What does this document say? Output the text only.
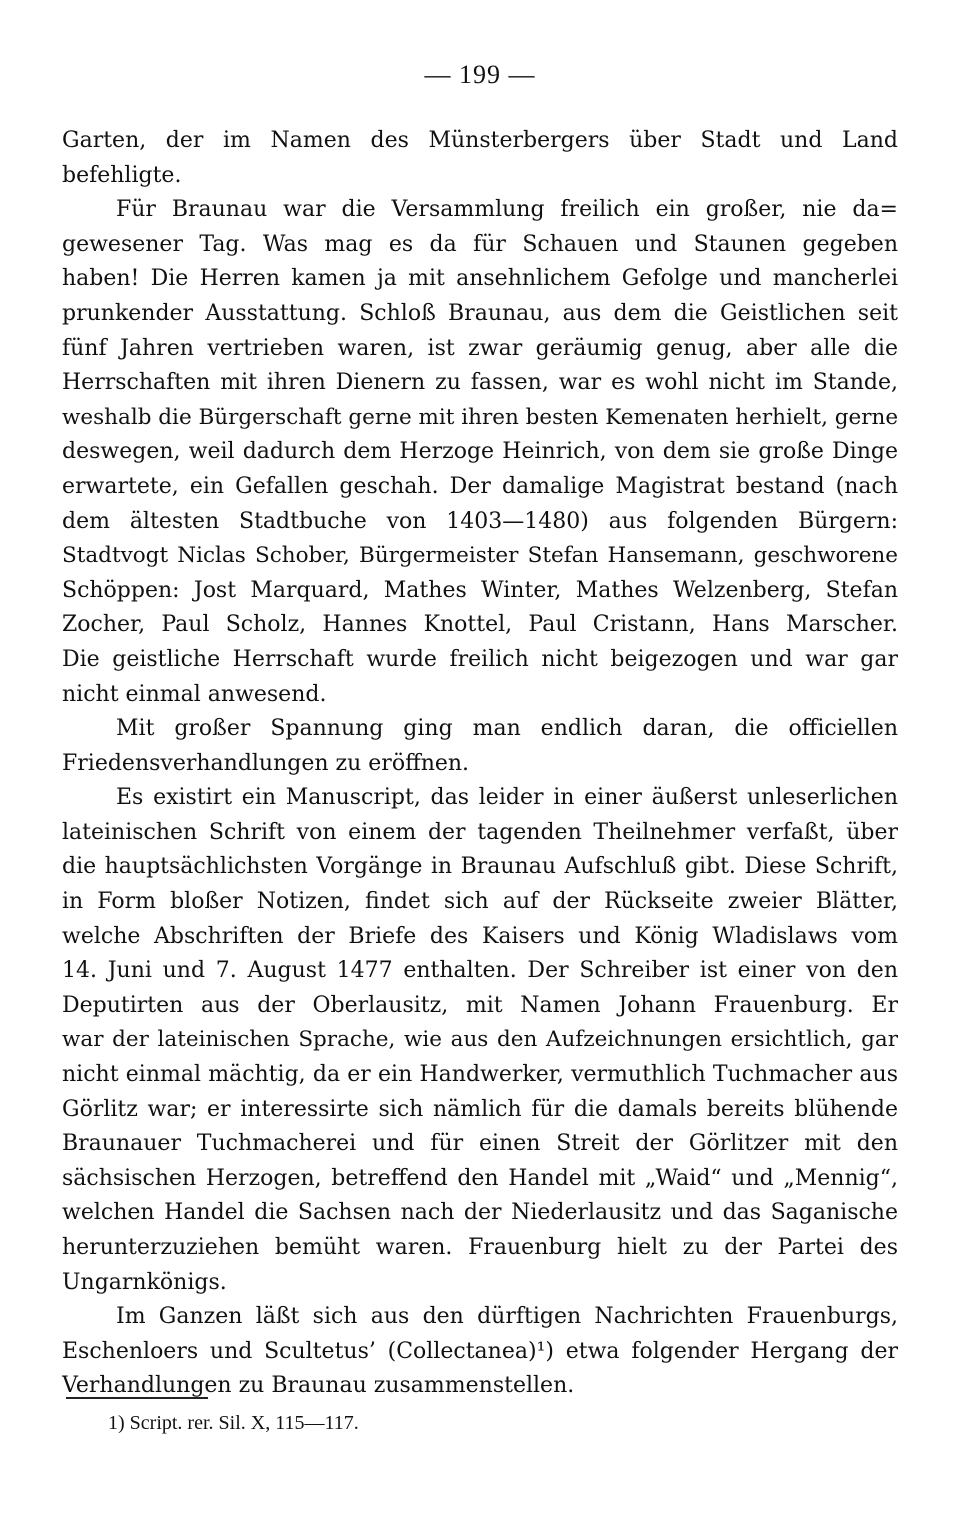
— 199 —
Garten, der im Namen des Münsterbergers über Stadt und Land
befehligte.
Für Braunau war die Versammlung freilich ein großer, nie da=
gewesener Tag. Was mag es da für Schauen und Staunen gegeben
haben! Die Herren kamen ja mit ansehnlichem Gefolge und mancherlei
prunkender Ausstattung. Schloß Braunau, aus dem die Geistlichen seit
fünf Jahren vertrieben waren, ist zwar geräumig genug, aber alle die
Herrschaften mit ihren Dienern zu fassen, war es wohl nicht im Stande,
weshalb die Bürgerschaft gerne mit ihren besten Kemenaten herhielt, gerne
deswegen, weil dadurch dem Herzoge Heinrich, von dem sie große Dinge
erwartete, ein Gefallen geschah. Der damalige Magistrat bestand (nach
dem ältesten Stadtbuche von 1403—1480) aus folgenden Bürgern:
Stadtvogt Niclas Schober, Bürgermeister Stefan Hansemann, geschworene
Schöppen: Jost Marquard, Mathes Winter, Mathes Welzenberg, Stefan
Zocher, Paul Scholz, Hannes Knottel, Paul Cristann, Hans Marscher.
Die geistliche Herrschaft wurde freilich nicht beigezogen und war gar
nicht einmal anwesend.
Mit großer Spannung ging man endlich daran, die officiellen
Friedensverhandlungen zu eröffnen.
Es existirt ein Manuscript, das leider in einer äußerst unleserlichen
lateinischen Schrift von einem der tagenden Theilnehmer verfaßt, über
die hauptsächlichsten Vorgänge in Braunau Aufschluß gibt. Diese Schrift,
in Form bloßer Notizen, findet sich auf der Rückseite zweier Blätter,
welche Abschriften der Briefe des Kaisers und König Wladislaws vom
14. Juni und 7. August 1477 enthalten. Der Schreiber ist einer von den
Deputirten aus der Oberlausitz, mit Namen Johann Frauenburg. Er
war der lateinischen Sprache, wie aus den Aufzeichnungen ersichtlich, gar
nicht einmal mächtig, da er ein Handwerker, vermuthlich Tuchmacher aus
Görlitz war; er interessirte sich nämlich für die damals bereits blühende
Braunauer Tuchmacherei und für einen Streit der Görlitzer mit den
sächsischen Herzogen, betreffend den Handel mit „Waid“ und „Mennig“,
welchen Handel die Sachsen nach der Niederlausitz und das Saganische
herunterzuziehen bemüht waren. Frauenburg hielt zu der Partei des
Ungarnkönigs.
Im Ganzen läßt sich aus den dürftigen Nachrichten Frauenburgs,
Eschenloers und Scultetus’ (Collectanea)¹) etwa folgender Hergang der
Verhandlungen zu Braunau zusammenstellen.
1) Script. rer. Sil. X, 115—117.
